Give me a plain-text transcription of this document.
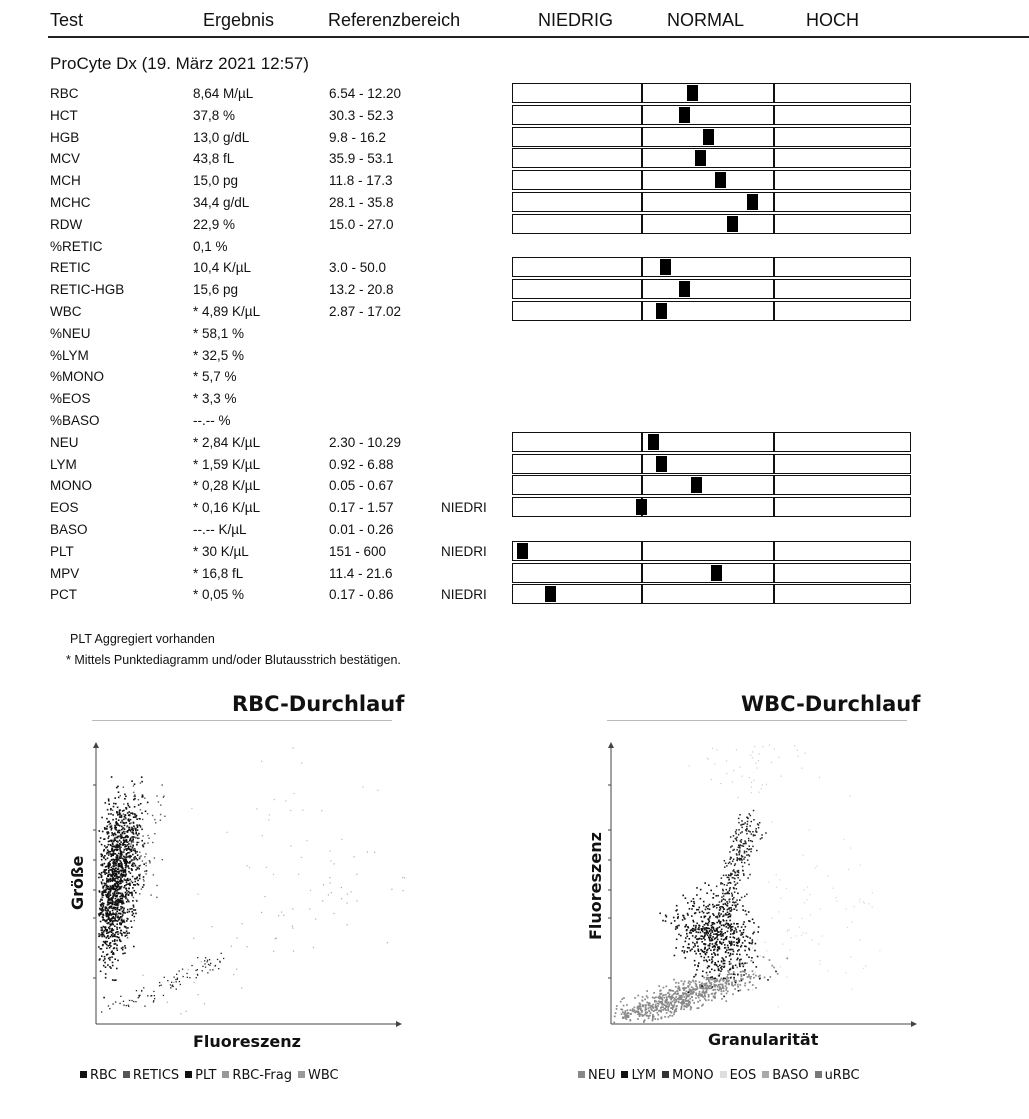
Test	Ergebnis	Referenzbereich	NIEDRIG	NORMAL	HOCH
ProCyte Dx (19. März 2021 12:57)
RBC	8,64 M/µL	6.54 - 12.20
HCT	37,8 %	30.3 - 52.3
HGB	13,0 g/dL	9.8 - 16.2
MCV	43,8 fL	35.9 - 53.1
MCH	15,0 pg	11.8 - 17.3
MCHC	34,4 g/dL	28.1 - 35.8
RDW	22,9 %	15.0 - 27.0
%RETIC	0,1 %
RETIC	10,4 K/µL	3.0 - 50.0
RETIC-HGB	15,6 pg	13.2 - 20.8
WBC	* 4,89 K/µL	2.87 - 17.02
%NEU	* 58,1 %
%LYM	* 32,5 %
%MONO	* 5,7 %
%EOS	* 3,3 %
%BASO	--.-- %
NEU	* 2,84 K/µL	2.30 - 10.29
LYM	* 1,59 K/µL	0.92 - 6.88
MONO	* 0,28 K/µL	0.05 - 0.67
EOS	* 0,16 K/µL	0.17 - 1.57	NIEDRI
BASO	--.-- K/µL	0.01 - 0.26
PLT	* 30 K/µL	151 - 600	NIEDRI
MPV	* 16,8 fL	11.4 - 21.6
PCT	* 0,05 %	0.17 - 0.86	NIEDRI
PLT Aggregiert vorhanden
* Mittels Punktediagramm und/oder Blutausstrich bestätigen.
RBC-Durchlauf
Größe
Fluoreszenz
RBC RETICS PLT RBC-Frag WBC
WBC-Durchlauf
Fluoreszenz
Granularität
NEU LYM MONO EOS BASO uRBC
